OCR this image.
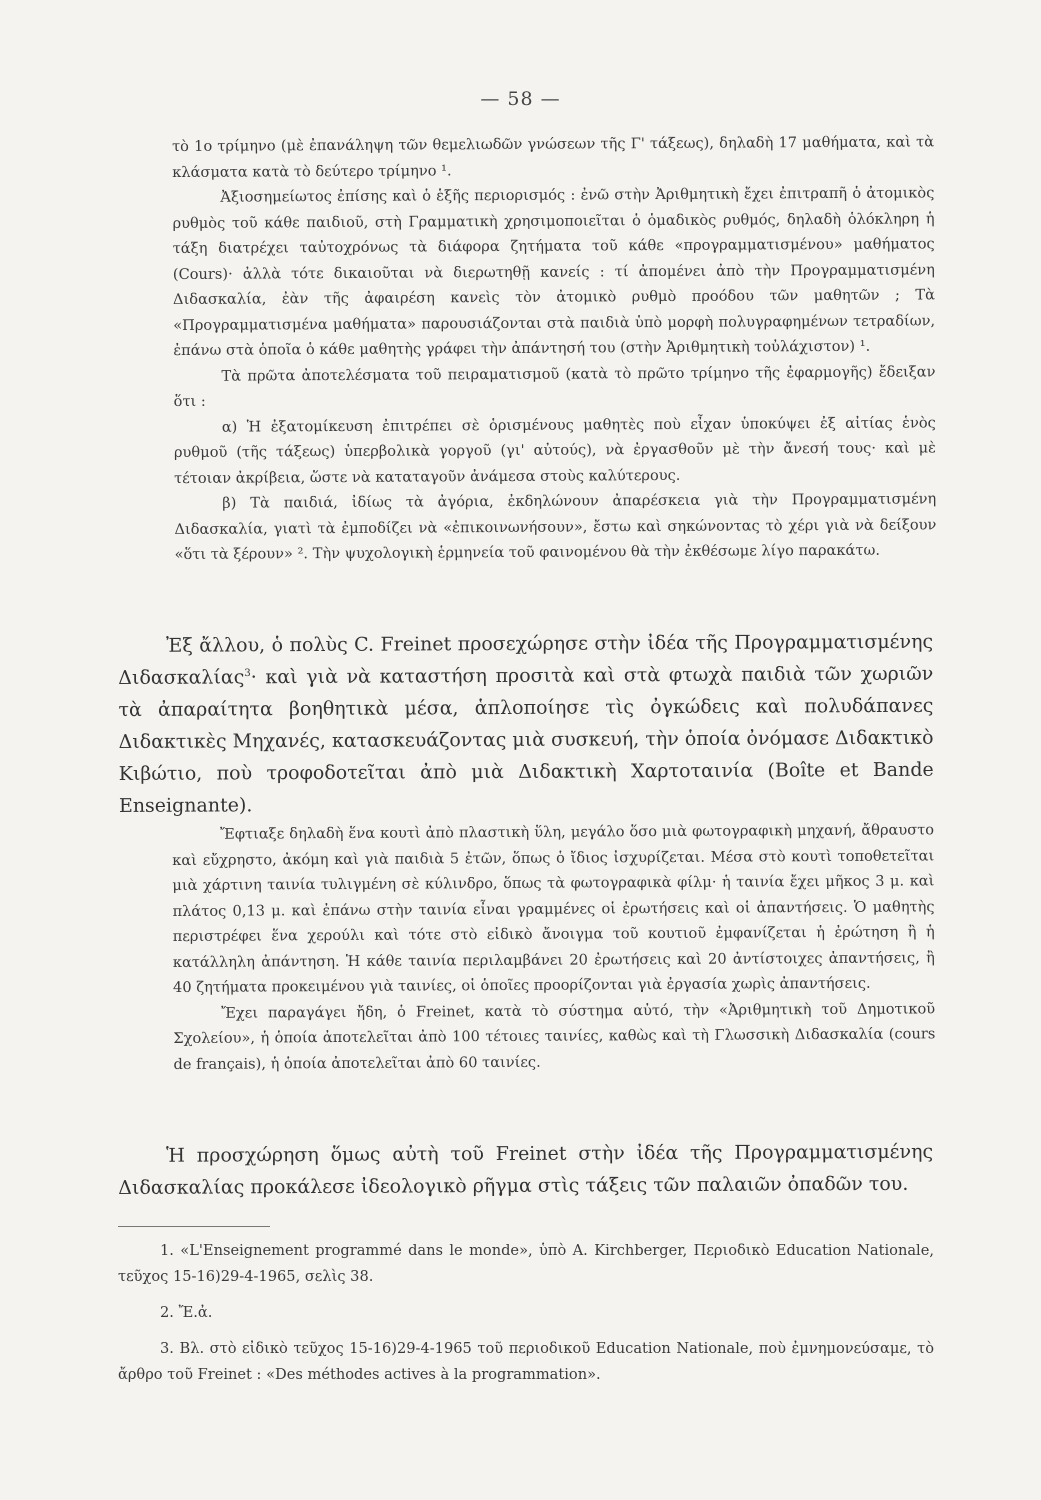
— 58 —

τὸ 1ο τρίμηνο (μὲ ἐπανάληψη τῶν θεμελιωδῶν γνώσεων τῆς Γ' τάξεως), δηλαδὴ 17 μαθήματα, καὶ τὰ κλάσματα κατὰ τὸ δεύτερο τρίμηνο ¹.

Ἀξιοσημείωτος ἐπίσης καὶ ὁ ἑξῆς περιορισμός : ἐνῶ στὴν Ἀριθμητικὴ ἔχει ἐπιτραπῆ ὁ ἀτομικὸς ρυθμὸς τοῦ κάθε παιδιοῦ, στὴ Γραμματικὴ χρησιμοποιεῖται ὁ ὁμαδικὸς ρυθμός, δηλαδὴ ὁλόκληρη ἡ τάξη διατρέχει ταὐτοχρόνως τὰ διάφορα ζητήματα τοῦ κάθε «προγραμματισμένου» μαθήματος (Cours)· ἀλλὰ τότε δικαιοῦται νὰ διερωτηθῇ κανείς : τί ἀπομένει ἀπὸ τὴν Προγραμματισμένη Διδασκαλία, ἐὰν τῆς ἀφαιρέση κανεὶς τὸν ἀτομικὸ ρυθμὸ προόδου τῶν μαθητῶν ; Τὰ «Προγραμματισμένα μαθήματα» παρουσιάζονται στὰ παιδιὰ ὑπὸ μορφὴ πολυγραφημένων τετραδίων, ἐπάνω στὰ ὁποῖα ὁ κάθε μαθητὴς γράφει τὴν ἀπάντησή του (στὴν Ἀριθμητικὴ τοὐλάχιστον) ¹.

Τὰ πρῶτα ἀποτελέσματα τοῦ πειραματισμοῦ (κατὰ τὸ πρῶτο τρίμηνο τῆς ἐφαρμογῆς) ἔδειξαν ὅτι :

α) Ἡ ἐξατομίκευση ἐπιτρέπει σὲ ὁρισμένους μαθητὲς ποὺ εἶχαν ὑποκύψει ἐξ αἰτίας ἑνὸς ρυθμοῦ (τῆς τάξεως) ὑπερβολικὰ γοργοῦ (γι' αὐτούς), νὰ ἐργασθοῦν μὲ τὴν ἄνεσή τους· καὶ μὲ τέτοιαν ἀκρίβεια, ὥστε νὰ καταταγοῦν ἀνάμεσα στοὺς καλύτερους.

β) Τὰ παιδιά, ἰδίως τὰ ἀγόρια, ἐκδηλώνουν ἀπαρέσκεια γιὰ τὴν Προγραμματισμένη Διδασκαλία, γιατὶ τὰ ἐμποδίζει νὰ «ἐπικοινωνήσουν», ἔστω καὶ σηκώνοντας τὸ χέρι γιὰ νὰ δείξουν «ὅτι τὰ ξέρουν» ². Τὴν ψυχολογικὴ ἑρμηνεία τοῦ φαινομένου θὰ τὴν ἐκθέσωμε λίγο παρακάτω.

Ἐξ ἄλλου, ὁ πολὺς C. Freinet προσεχώρησε στὴν ἰδέα τῆς Προγραμματισμένης Διδασκαλίας$^3$· καὶ γιὰ νὰ καταστήση προσιτὰ καὶ στὰ φτωχὰ παιδιὰ τῶν χωριῶν τὰ ἀπαραίτητα βοηθητικὰ μέσα, ἁπλοποίησε τὶς ὀγκώδεις καὶ πολυδάπανες Διδακτικὲς Μηχανές, κατασκευάζοντας μιὰ συσκευή, τὴν ὁποία ὀνόμασε Διδακτικὸ Κιβώτιο, ποὺ τροφοδοτεῖται ἀπὸ μιὰ Διδακτικὴ Χαρτοταινία (Boîte et Bande Enseignante).

Ἔφτιαξε δηλαδὴ ἕνα κουτὶ ἀπὸ πλαστικὴ ὕλη, μεγάλο ὅσο μιὰ φωτογραφικὴ μηχανή, ἄθραυστο καὶ εὔχρηστο, ἀκόμη καὶ γιὰ παιδιὰ 5 ἐτῶν, ὅπως ὁ ἴδιος ἰσχυρίζεται. Μέσα στὸ κουτὶ τοποθετεῖται μιὰ χάρτινη ταινία τυλιγμένη σὲ κύλινδρο, ὅπως τὰ φωτογραφικὰ φίλμ· ἡ ταινία ἔχει μῆκος 3 μ. καὶ πλάτος 0,13 μ. καὶ ἐπάνω στὴν ταινία εἶναι γραμμένες οἱ ἐρωτήσεις καὶ οἱ ἀπαντήσεις. Ὁ μαθητὴς περιστρέφει ἕνα χερούλι καὶ τότε στὸ εἰδικὸ ἄνοιγμα τοῦ κουτιοῦ ἐμφανίζεται ἡ ἐρώτηση ἢ ἡ κατάλληλη ἀπάντηση. Ἡ κάθε ταινία περιλαμβάνει 20 ἐρωτήσεις καὶ 20 ἀντίστοιχες ἀπαντήσεις, ἢ 40 ζητήματα προκειμένου γιὰ ταινίες, οἱ ὁποῖες προορίζονται γιὰ ἐργασία χωρὶς ἀπαντήσεις.

Ἔχει παραγάγει ἤδη, ὁ Freinet, κατὰ τὸ σύστημα αὐτό, τὴν «Ἀριθμητικὴ τοῦ Δημοτικοῦ Σχολείου», ἡ ὁποία ἀποτελεῖται ἀπὸ 100 τέτοιες ταινίες, καθὼς καὶ τὴ Γλωσσικὴ Διδασκαλία (cours de français), ἡ ὁποία ἀποτελεῖται ἀπὸ 60 ταινίες.

Ἡ προσχώρηση ὅμως αὐτὴ τοῦ Freinet στὴν ἰδέα τῆς Προγραμματισμένης Διδασκαλίας προκάλεσε ἰδεολογικὸ ρῆγμα στὶς τάξεις τῶν παλαιῶν ὀπαδῶν του.

1. «L'Enseignement programmé dans le monde», ὑπὸ A. Kirchberger, Περιοδικὸ Education Nationale, τεῦχος 15-16)29-4-1965, σελὶς 38.

2. Ἔ.ἀ.

3. Βλ. στὸ εἰδικὸ τεῦχος 15-16)29-4-1965 τοῦ περιοδικοῦ Education Nationale, ποὺ ἐμνημονεύσαμε, τὸ ἄρθρο τοῦ Freinet : «Des méthodes actives à la programmation».
